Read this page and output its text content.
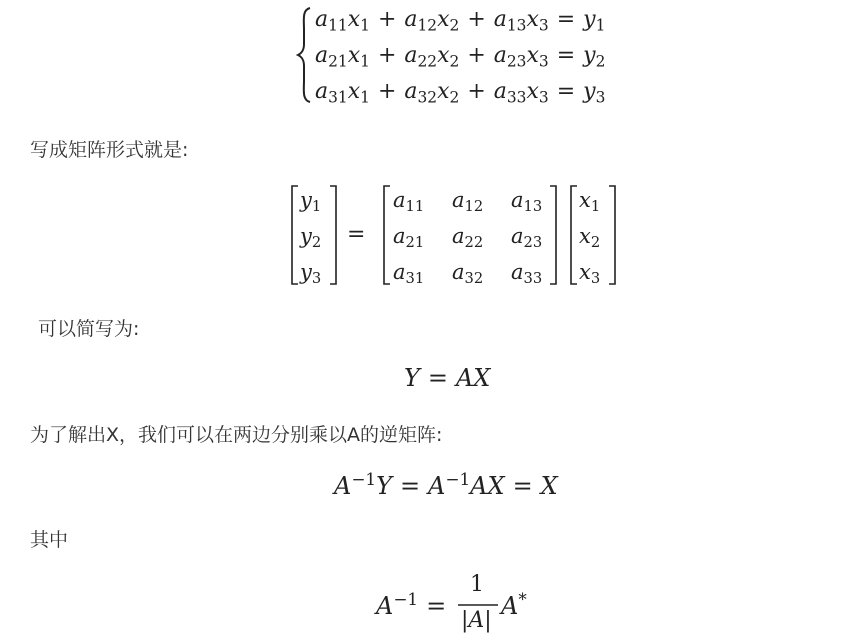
$a_{11}x_1 + a_{12}x_2 + a_{13}x_3 = y_1$
$a_{21}x_1 + a_{22}x_2 + a_{23}x_3 = y_2$
$a_{31}x_1 + a_{32}x_2 + a_{33}x_3 = y_3$
写成矩阵形式就是:
$y_1$
$y_2$
$y_3$
=
$a_{11}$ $a_{12}$ $a_{13}$
$a_{21}$ $a_{22}$ $a_{23}$
$a_{31}$ $a_{32}$ $a_{33}$
$x_1$
$x_2$
$x_3$
可以简写为:
Y = AX
为了解出X，我们可以在两边分别乘以A的逆矩阵:
$A^{-1}Y = A^{-1}AX = X$
其中
$A^{-1}$ =
1
|A|
A*
